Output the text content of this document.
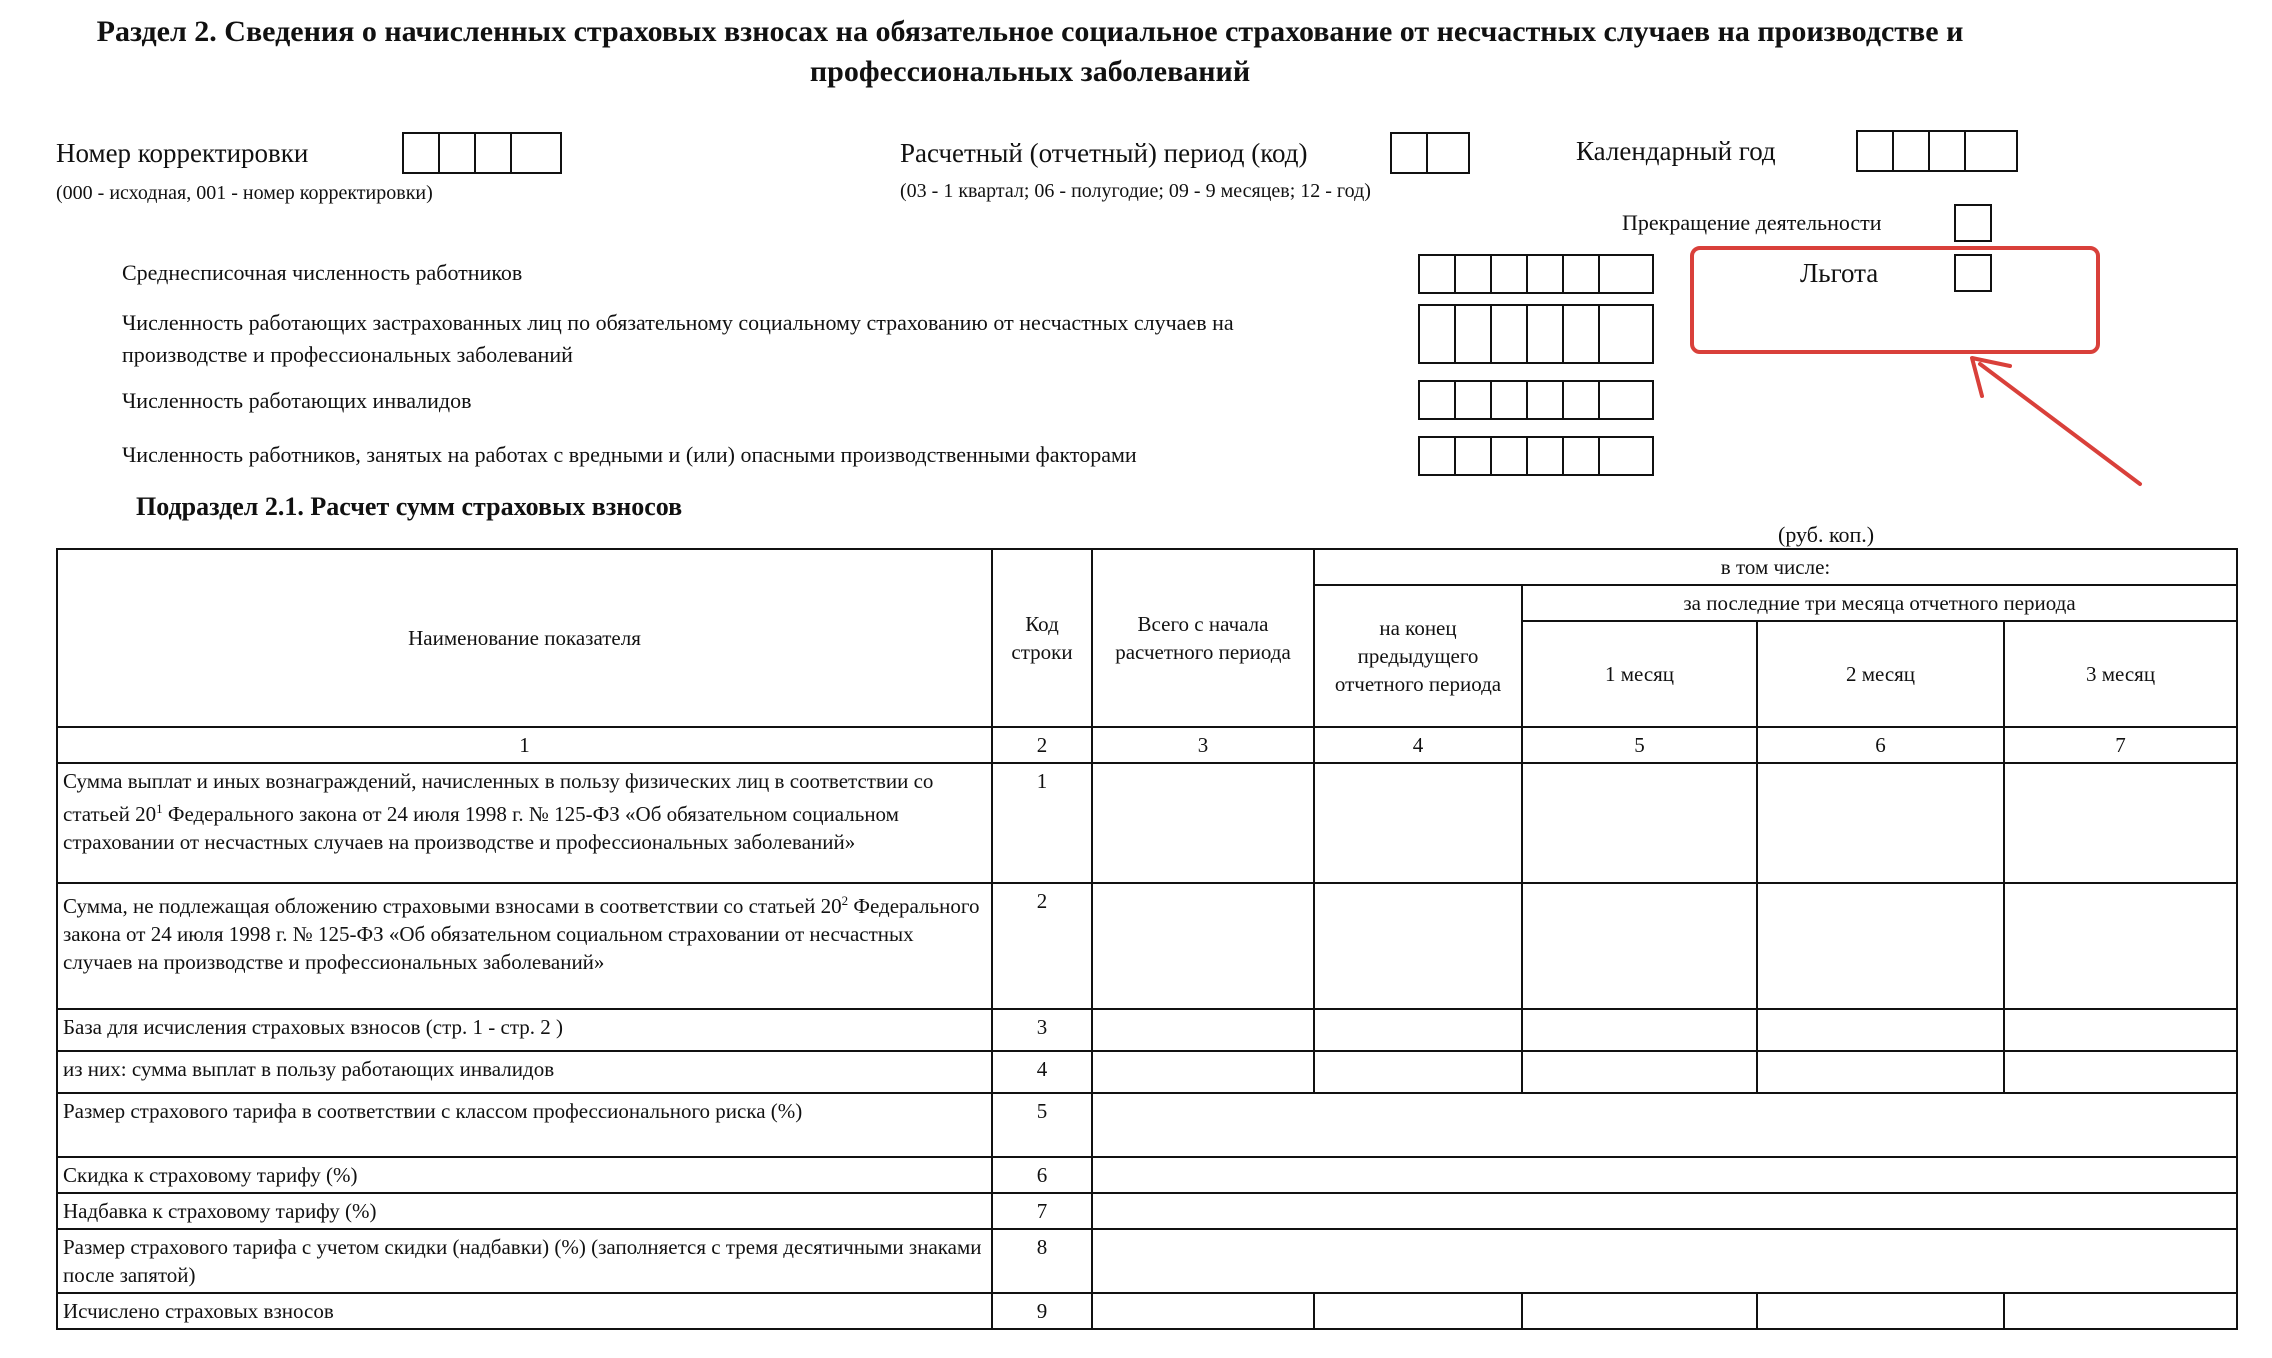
Раздел 2. Сведения о начисленных страховых взносах на обязательное социальное страхование от несчастных случаев на производстве и
профессиональных заболеваний
Номер корректировки
(000 - исходная, 001 - номер корректировки)
Расчетный (отчетный) период (код)
(03 - 1 квартал; 06 - полугодие; 09 - 9 месяцев; 12 - год)
Календарный год
Прекращение деятельности
Льгота
Среднесписочная численность работников
Численность работающих застрахованных лиц по обязательному социальному страхованию от несчастных случаев на
производстве и профессиональных заболеваний
Численность работающих инвалидов
Численность работников, занятых на работах с вредными и (или) опасными производственными факторами
Подраздел 2.1. Расчет сумм страховых взносов
(руб. коп.)
Наименование показателя	Код строки	Всего с начала расчетного периода	в том числе:			
			на конец предыдущего отчетного периода	за последние три месяца отчетного периода		
				1 месяц	2 месяц	3 месяц
1	2	3	4	5	6	7
Сумма выплат и иных вознаграждений, начисленных в пользу физических лиц в соответствии со статьей $20^1$ Федерального закона от 24 июля 1998 г. № 125-ФЗ «Об обязательном социальном страховании от несчастных случаев на производстве и профессиональных заболеваний»	1					
Сумма, не подлежащая обложению страховыми взносами в соответствии со статьей $20^2$ Федерального закона от 24 июля 1998 г. № 125-ФЗ «Об обязательном социальном страховании от несчастных случаев на производстве и профессиональных заболеваний»	2					
База для исчисления страховых взносов (стр. 1 - стр. 2 )	3					
из них: сумма выплат в пользу работающих инвалидов	4					
Размер страхового тарифа в соответствии с классом профессионального риска (%)	5					
Скидка к страховому тарифу (%)	6					
Надбавка к страховому тарифу (%)	7					
Размер страхового тарифа с учетом скидки (надбавки) (%) (заполняется с тремя десятичными знаками после запятой)	8					
Исчислено страховых взносов	9					
